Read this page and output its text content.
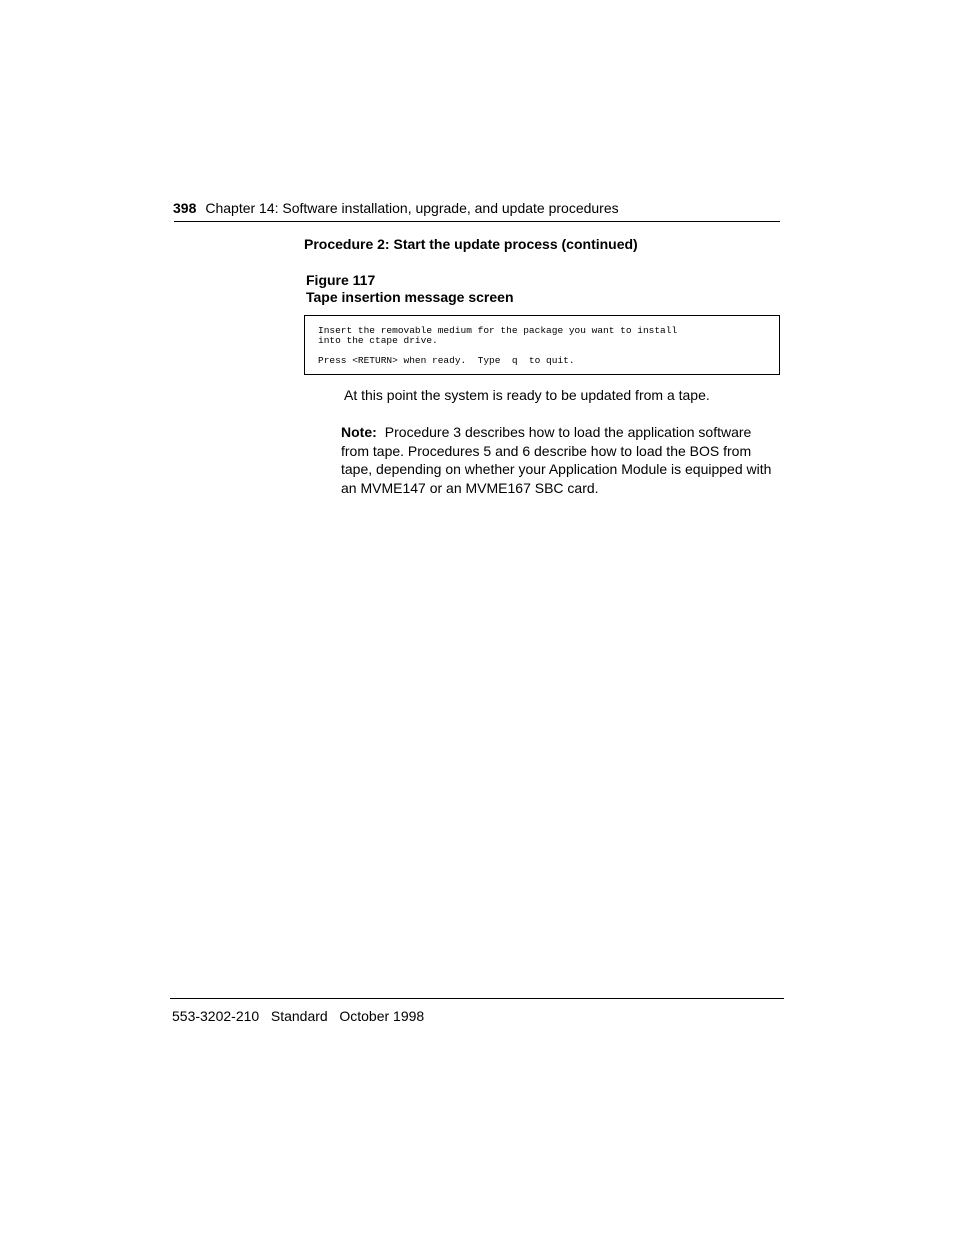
398 Chapter 14: Software installation, upgrade, and update procedures
Procedure 2: Start the update process (continued)
Figure 117
Tape insertion message screen
Insert the removable medium for the package you want to install
into the ctape drive.

Press <RETURN> when ready.  Type  q  to quit.
At this point the system is ready to be updated from a tape.
Note: Procedure 3 describes how to load the application software from tape. Procedures 5 and 6 describe how to load the BOS from tape, depending on whether your Application Module is equipped with an MVME147 or an MVME167 SBC card.
553-3202-210   Standard   October 1998
